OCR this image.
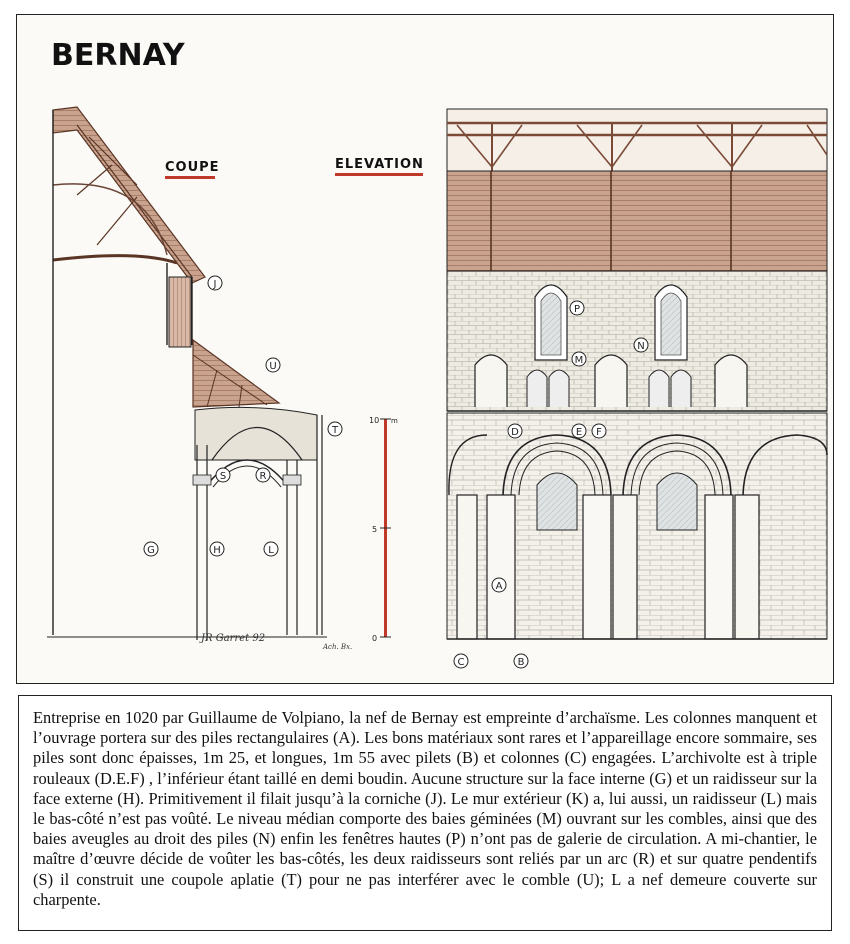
BERNAY
J
U
T
S	R
G	H	L
COUPE	ELEVATION
JR Garret 92
Ach. Bx.
10 m
5
0
P
M
N
D	E F
A
C	B
Entreprise en 1020 par Guillaume de Volpiano, la nef de Bernay est empreinte d’archaïsme. Les colonnes manquent et l’ouvrage portera sur des piles rectangulaires (A). Les bons matériaux sont rares et l’appareillage encore sommaire, ses piles sont donc épaisses, 1m 25, et longues, 1m 55 avec pilets (B) et colonnes (C) engagées. L’archivolte est à triple rouleaux (D.E.F) , l’inférieur étant taillé en demi boudin. Aucune structure sur la face interne (G) et un raidisseur sur la face externe (H). Primitivement il filait jusqu’à la corniche (J). Le mur extérieur (K) a, lui aussi, un raidisseur (L) mais le bas-côté n’est pas voûté. Le niveau médian comporte des baies géminées (M) ouvrant sur les combles, ainsi que des baies aveugles au droit des piles (N) enfin les fenêtres hautes (P) n’ont pas de galerie de circulation. A mi-chantier, le maître d’œuvre décide de voûter les bas-côtés, les deux raidisseurs sont reliés par un arc (R) et sur quatre pendentifs (S) il construit une coupole aplatie (T) pour ne pas interférer avec le comble (U); L a nef demeure couverte sur charpente.
